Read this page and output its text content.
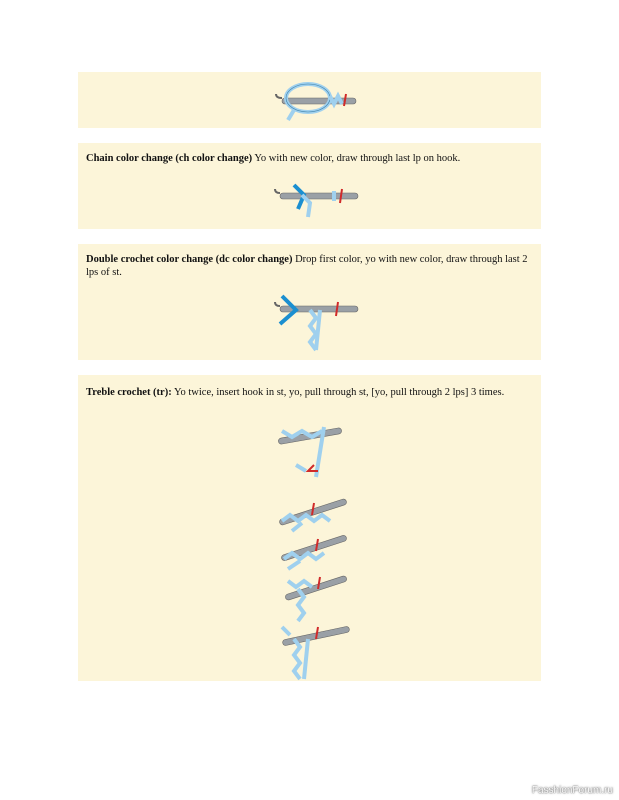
Chain color change (ch color change) Yo with new color, draw through last lp on hook.
Double crochet color change (dc color change) Drop first color, yo with new color, draw through last 2 lps of st.
Treble crochet (tr): Yo twice, insert hook in st, yo, pull through st, [yo, pull through 2 lps] 3 times.
FasshionForum.ru
